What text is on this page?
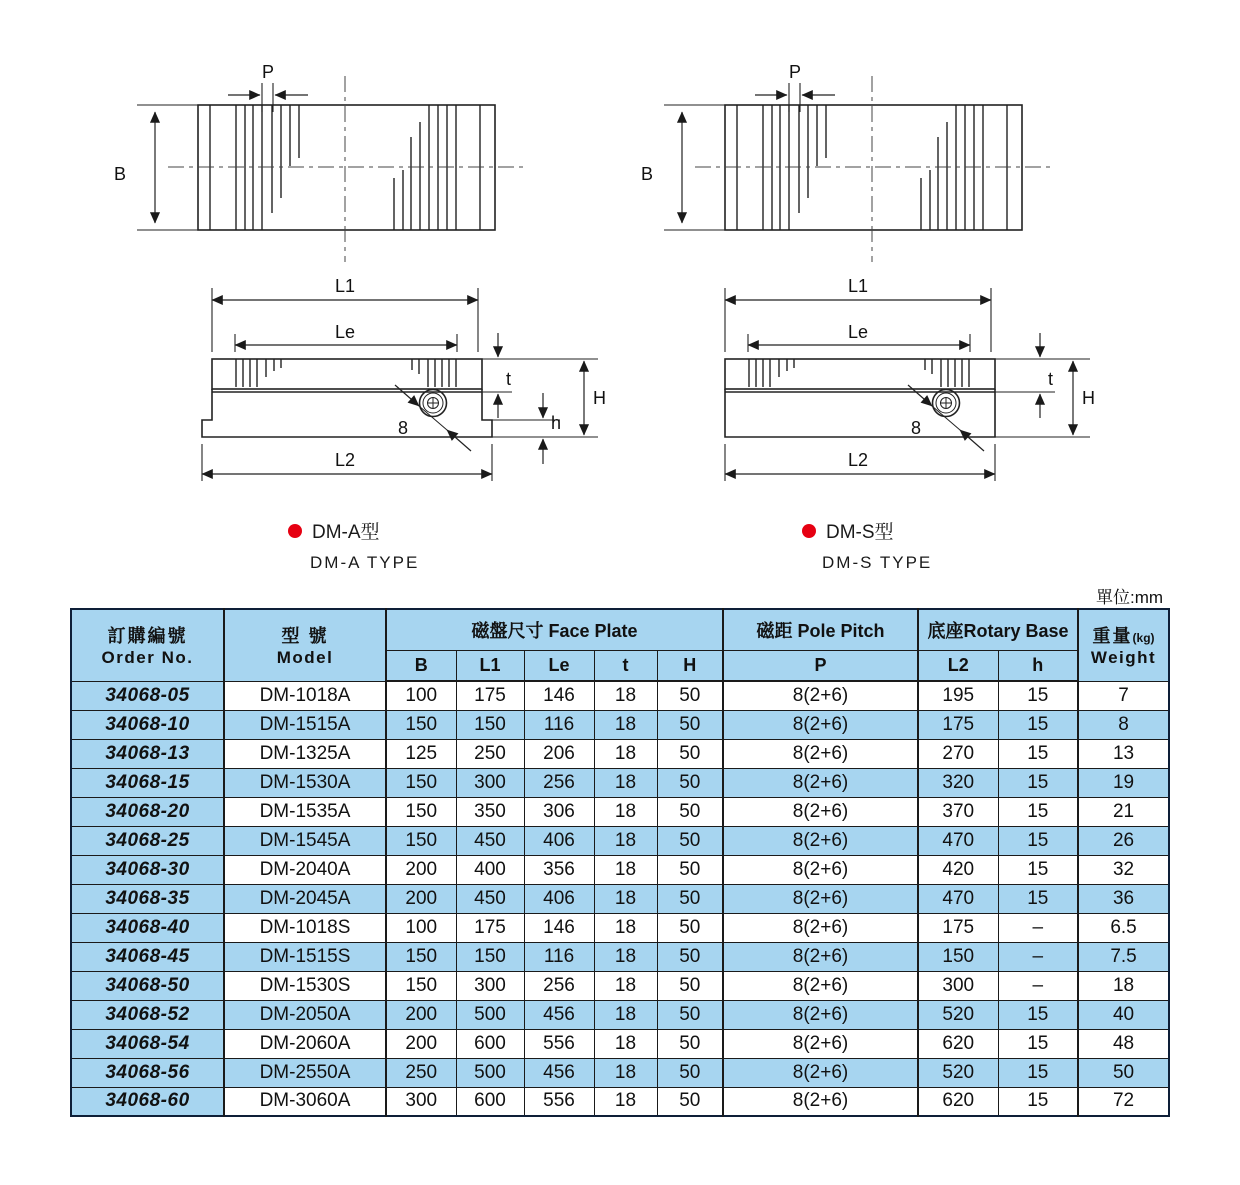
B
P
8
L1
Le
t
H
h
L2
B
P
8
L1
Le
t
H
L2
DM-A型
DM-A TYPE
DM-S型
DM-S TYPE
單位:mm
訂購編號
Order No.

型 號
Model
	磁盤尺寸 Face Plate	磁距 Pole Pitch	底座Rotary Base	重量(kg)
Weight

		B	L1	Le	t	H	P	L2	h	
34068-05	DM-1018A	100	175	146	18	50	8(2+6)	195	15	7
34068-10	DM-1515A	150	150	116	18	50	8(2+6)	175	15	8
34068-13	DM-1325A	125	250	206	18	50	8(2+6)	270	15	13
34068-15	DM-1530A	150	300	256	18	50	8(2+6)	320	15	19
34068-20	DM-1535A	150	350	306	18	50	8(2+6)	370	15	21
34068-25	DM-1545A	150	450	406	18	50	8(2+6)	470	15	26
34068-30	DM-2040A	200	400	356	18	50	8(2+6)	420	15	32
34068-35	DM-2045A	200	450	406	18	50	8(2+6)	470	15	36
34068-40	DM-1018S	100	175	146	18	50	8(2+6)	175	–	6.5
34068-45	DM-1515S	150	150	116	18	50	8(2+6)	150	–	7.5
34068-50	DM-1530S	150	300	256	18	50	8(2+6)	300	–	18
34068-52	DM-2050A	200	500	456	18	50	8(2+6)	520	15	40
34068-54	DM-2060A	200	600	556	18	50	8(2+6)	620	15	48
34068-56	DM-2550A	250	500	456	18	50	8(2+6)	520	15	50
34068-60	DM-3060A	300	600	556	18	50	8(2+6)	620	15	72
